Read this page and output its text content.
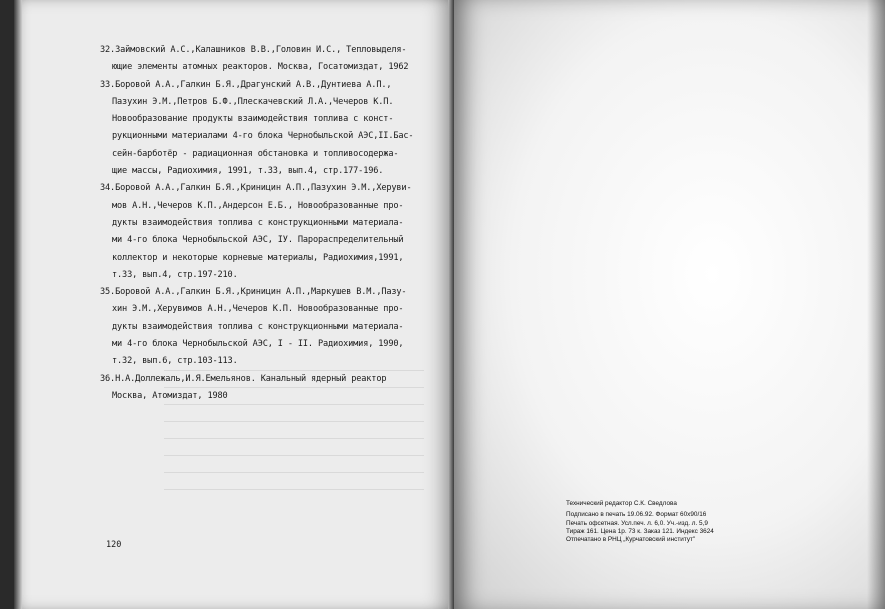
32.Займовский А.С.,Калашников В.В.,Головин И.С., Тепловыделя-
ющие элементы атомных реакторов. Москва, Госатомиздат, 1962

33.Боровой А.А.,Галкин Б.Я.,Драгунский А.В.,Дунтиева А.П.,
Пазухин Э.М.,Петров Б.Ф.,Плескачевский Л.А.,Чечеров К.П.
Новообразование продукты взаимодействия топлива с конст-
рукционными материалами 4-го блока Чернобыльской АЭС,II.Бас-
сейн-барботёр - радиационная обстановка и топливосодержа-
щие массы, Радиохимия, 1991, т.33, вып.4, стр.177-196.

34.Боровой А.А.,Галкин Б.Я.,Криницин А.П.,Пазухин Э.М.,Херуви-
мов А.Н.,Чечеров К.П.,Андерсон Е.Б., Новообразованные про-
дукты взаимодействия топлива с конструкционными материала-
ми 4-го блока Чернобыльской АЭС, IУ. Парораспределительный
коллектор и некоторые корневые материалы, Радиохимия,1991,
т.33, вып.4, стр.197-210.

35.Боровой А.А.,Галкин Б.Я.,Криницин А.П.,Маркушев В.М.,Пазу-
хин Э.М.,Херувимов А.Н.,Чечеров К.П. Новообразованные про-
дукты взаимодействия топлива с конструкционными материала-
ми 4-го блока Чернобыльской АЭС, I - II. Радиохимия, 1990,
т.32, вып.6, стр.103-113.

36.Н.А.Доллежаль,И.Я.Емельянов. Канальный ядерный реактор
Москва, Атомиздат, 1980

120
Технический редактор С.К. Сведлова
Подписано в печать 19.06.92. Формат 60х90/16
Печать офсетная. Усл.печ. л. 6,0. Уч.-изд. л. 5,9
Тираж 161. Цена 1р. 73 к. Заказ 121. Индекс 3624
Отпечатано в РНЦ „Курчатовский институт"
